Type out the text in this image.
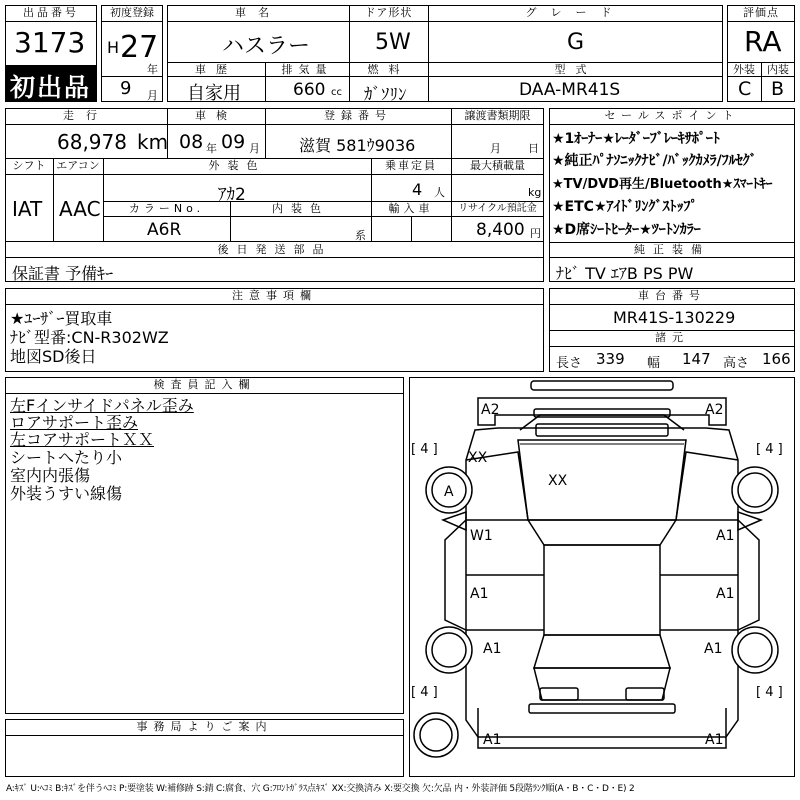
出品番号
3173
初出品
初度登録
H 27
年
9 月
車名
ハスラー
ドア形状
5W
グレード
G
車歴
自家用
排気量
660 cc
燃料
ｶﾞｿﾘﾝ
型式
DAA-MR41S
評価点
RA
外装	内装
C B
走行
68,978 km
車検
08 年 09 月
登録番号
滋賀 581ｳ9036
譲渡書類期限
月 日
シフト
IAT
エアコン
AAC
外装色
ｱｶ2
乗車定員
4 人
最大積載量
kg
カラーNo.
A6R
内装色
系
輸入車	リサイクル預託金
8,400 円
後日発送部品
保証書 予備ｷｰ
セールスポイント
★1ｵｰﾅｰ★ﾚｰﾀﾞｰﾌﾞﾚｰｷｻﾎﾟｰﾄ
★純正ﾊﾟﾅｿﾆｯｸﾅﾋﾞ/ﾊﾞｯｸｶﾒﾗ/ﾌﾙｾｸﾞ
★TV/DVD再生/Bluetooth★ｽﾏｰﾄｷｰ
★ETC★ｱｲﾄﾞﾘﾝｸﾞｽﾄｯﾌﾟ
★D席ｼｰﾄﾋｰﾀｰ★ﾂｰﾄﾝｶﾗｰ
純正装備
ﾅﾋﾞ TV ｴｱB PS PW
注意事項欄
★ﾕｰｻﾞｰ買取車
ﾅﾋﾞ型番:CN-R302WZ
地図SD後日
車台番号
MR41S-130229
諸元
長さ 339 幅 147 高さ 166
検査員記入欄
左Fインサイドパネル歪み
ロアサポート歪み
左コアサポートＸＸ
シートへたり小
室内内張傷
外装うすい線傷
事務局よりご案内
A2	A2
XX
XX
A
W1	A1
A1	A1
A1	A1
A1	A1
[ 4 ]	[ 4 ]
[ 4 ]	[ 4 ]
A:ｷｽﾞ U:ﾍｺﾐ B:ｷｽﾞを伴うﾍｺﾐ P:要塗装 W:補修跡 S:錆 C:腐食、穴 G:ﾌﾛﾝﾄｶﾞﾗｽ点ｷｽﾞ XX:交換済み X:要交換 欠:欠品 内・外装評価 5段階ﾗﾝｸ順(A・B・C・D・E) 2
